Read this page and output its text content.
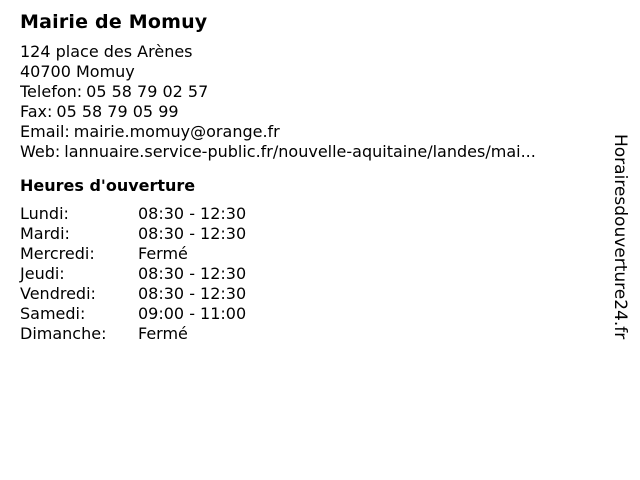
Mairie de Momuy
124 place des Arènes
40700 Momuy
Telefon: 05 58 79 02 57
Fax: 05 58 79 05 99
Email: mairie.momuy@orange.fr
Web: lannuaire.service-public.fr/nouvelle-aquitaine/landes/mai...
Heures d'ouverture
Lundi:	08:30 - 12:30
Mardi:	08:30 - 12:30
Mercredi:	Fermé
Jeudi:	08:30 - 12:30
Vendredi:	08:30 - 12:30
Samedi:	09:00 - 11:00
Dimanche:	Fermé	Horairesdouverture24.fr
